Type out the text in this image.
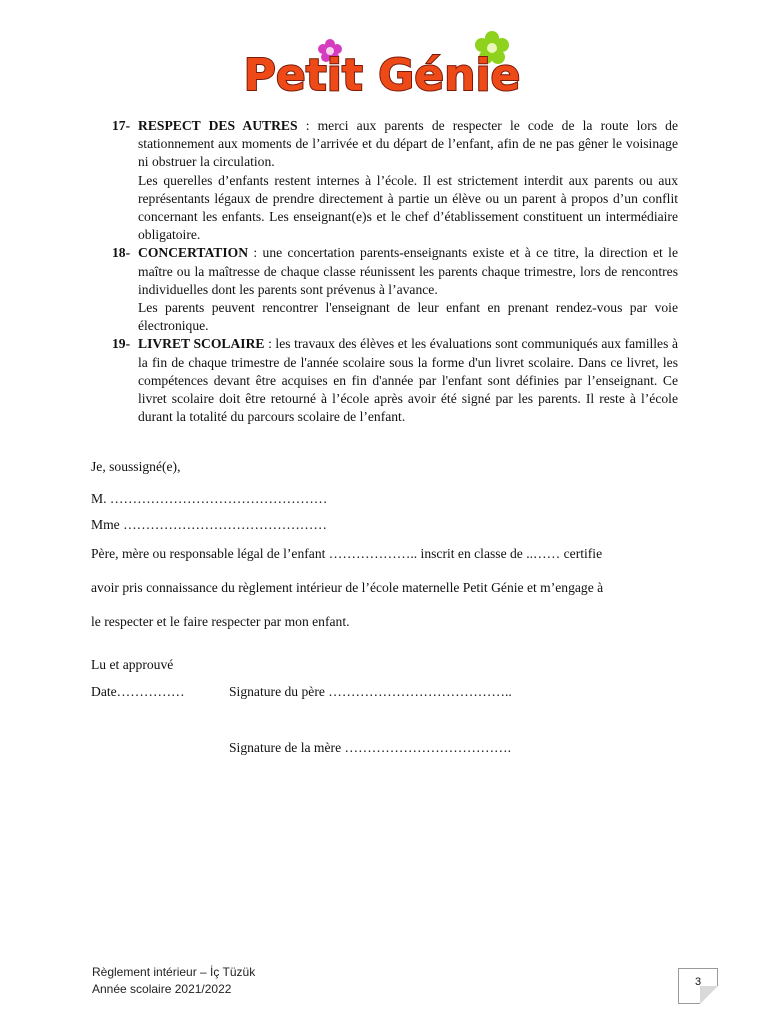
Petit Génie
17- RESPECT DES AUTRES : merci aux parents de respecter le code de la route lors de stationnement aux moments de l’arrivée et du départ de l’enfant, afin de ne pas gêner le voisinage ni obstruer la circulation.

Les querelles d’enfants restent internes à l’école. Il est strictement interdit aux parents ou aux représentants légaux de prendre directement à partie un élève ou un parent à propos d’un conflit concernant les enfants. Les enseignant(e)s et le chef d’établissement constituent un intermédiaire obligatoire.

18- CONCERTATION : une concertation parents-enseignants existe et à ce titre, la direction et le maître ou la maîtresse de chaque classe réunissent les parents chaque trimestre, lors de rencontres individuelles dont les parents sont prévenus à l’avance.

Les parents peuvent rencontrer l'enseignant de leur enfant en prenant rendez-vous par voie électronique.

19- LIVRET SCOLAIRE : les travaux des élèves et les évaluations sont communiqués aux familles à la fin de chaque trimestre de l'année scolaire sous la forme d'un livret scolaire. Dans ce livret, les compétences devant être acquises en fin d'année par l'enfant sont définies par l’enseignant. Ce livret scolaire doit être retourné à l’école après avoir été signé par les parents. Il reste à l’école durant la totalité du parcours scolaire de l’enfant.

Je, soussigné(e),
M. …………………………………………
Mme ………………………………………
Père, mère ou responsable légal de l’enfant ……………….. inscrit en classe de ..…… certifie
avoir pris connaissance du règlement intérieur de l’école maternelle Petit Génie et m’engage à
le respecter et le faire respecter par mon enfant.
Lu et approuvé
Date……………	Signature du père …………………………………..
Signature de la mère ……………………………….
Règlement intérieur – İç Tüzük
Année scolaire 2021/2022	3
